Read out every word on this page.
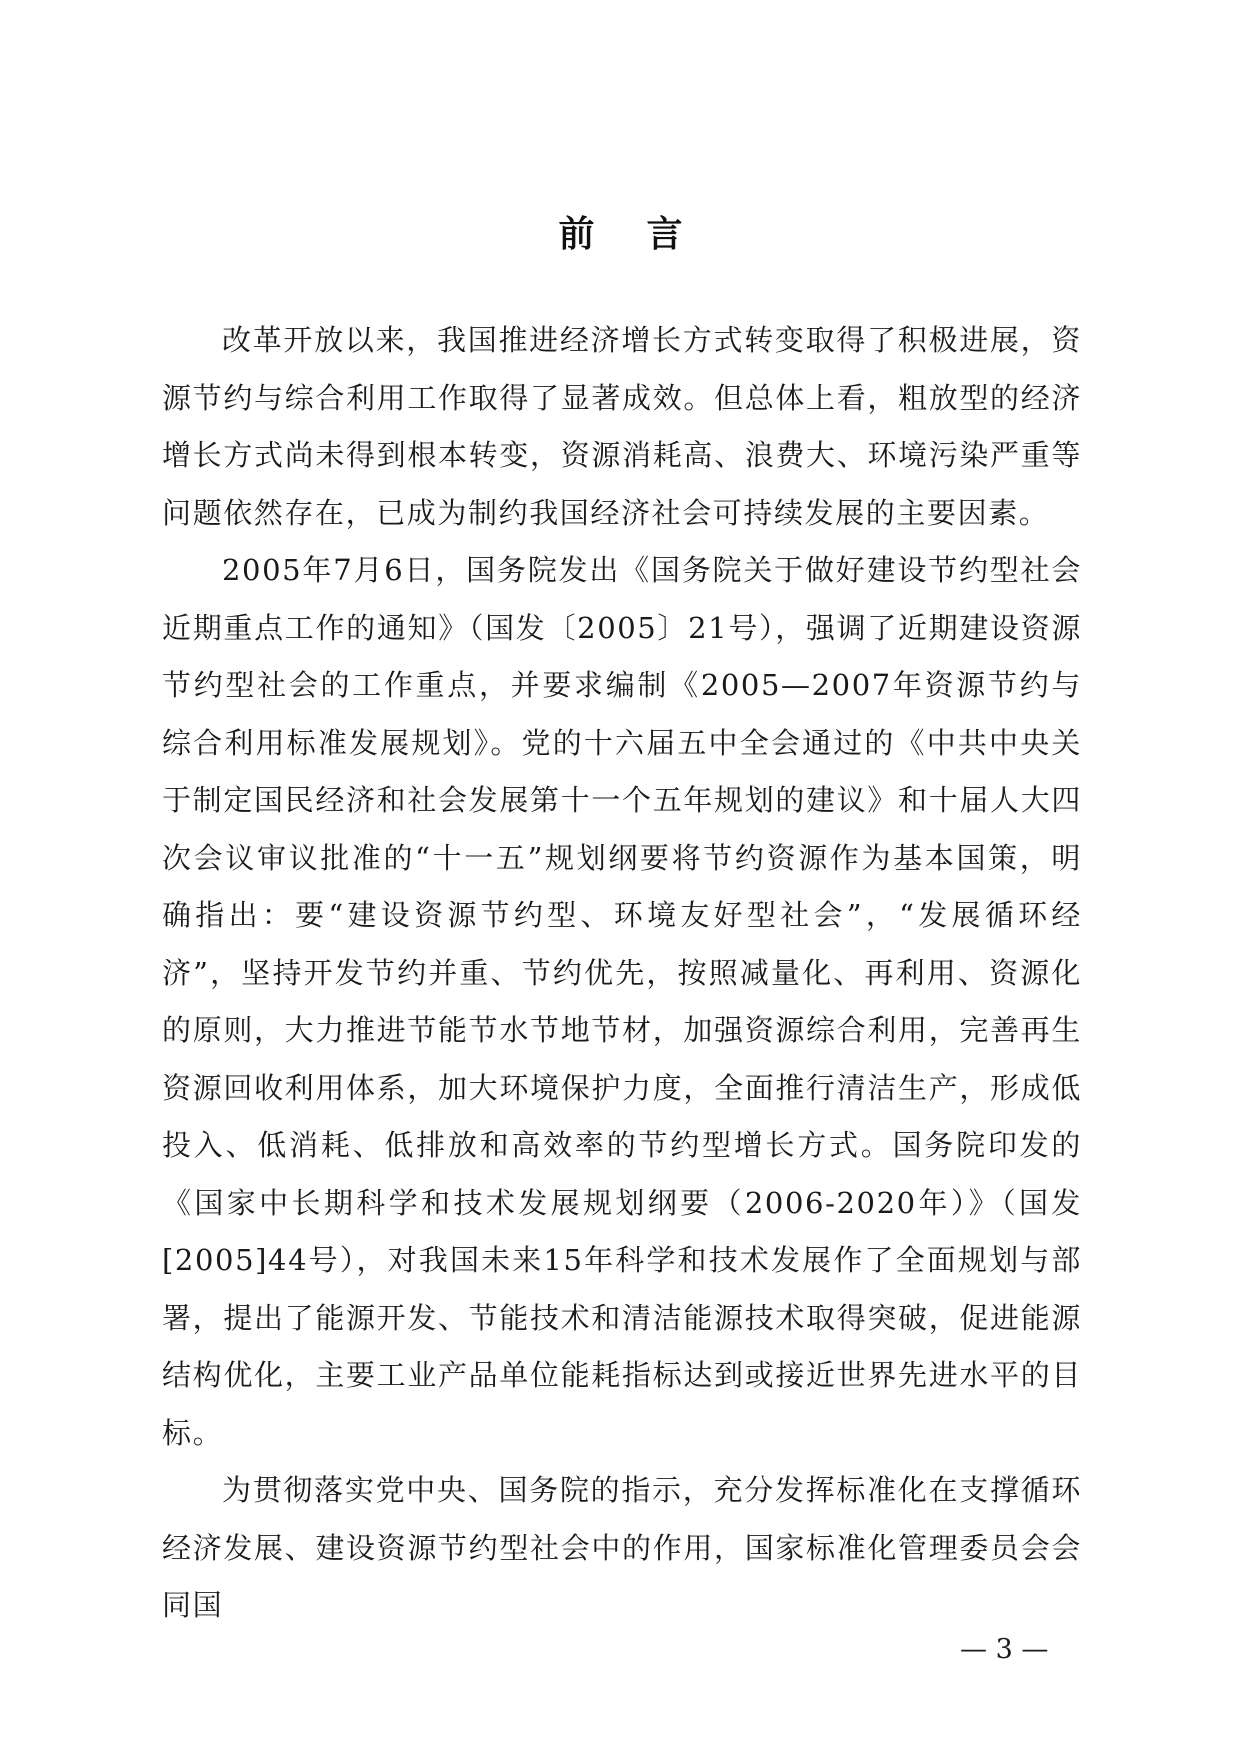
前言

改革开放以来，我国推进经济增长方式转变取得了积极进展，资源节约与综合利用工作取得了显著成效。但总体上看，粗放型的经济增长方式尚未得到根本转变，资源消耗高、浪费大、环境污染严重等问题依然存在，已成为制约我国经济社会可持续发展的主要因素。

2005年7月6日，国务院发出《国务院关于做好建设节约型社会近期重点工作的通知》（国发〔2005〕21号），强调了近期建设资源节约型社会的工作重点，并要求编制《2005—2007年资源节约与综合利用标准发展规划》。党的十六届五中全会通过的《中共中央关于制定国民经济和社会发展第十一个五年规划的建议》和十届人大四次会议审议批准的“十一五”规划纲要将节约资源作为基本国策，明确指出：要“建设资源节约型、环境友好型社会”，“发展循环经济”，坚持开发节约并重、节约优先，按照减量化、再利用、资源化的原则，大力推进节能节水节地节材，加强资源综合利用，完善再生资源回收利用体系，加大环境保护力度，全面推行清洁生产，形成低投入、低消耗、低排放和高效率的节约型增长方式。国务院印发的《国家中长期科学和技术发展规划纲要（2006-2020年）》（国发[2005]44号），对我国未来15年科学和技术发展作了全面规划与部署，提出了能源开发、节能技术和清洁能源技术取得突破，促进能源结构优化，主要工业产品单位能耗指标达到或接近世界先进水平的目标。

为贯彻落实党中央、国务院的指示，充分发挥标准化在支撑循环经济发展、建设资源节约型社会中的作用，国家标准化管理委员会会同国

— 3 —
